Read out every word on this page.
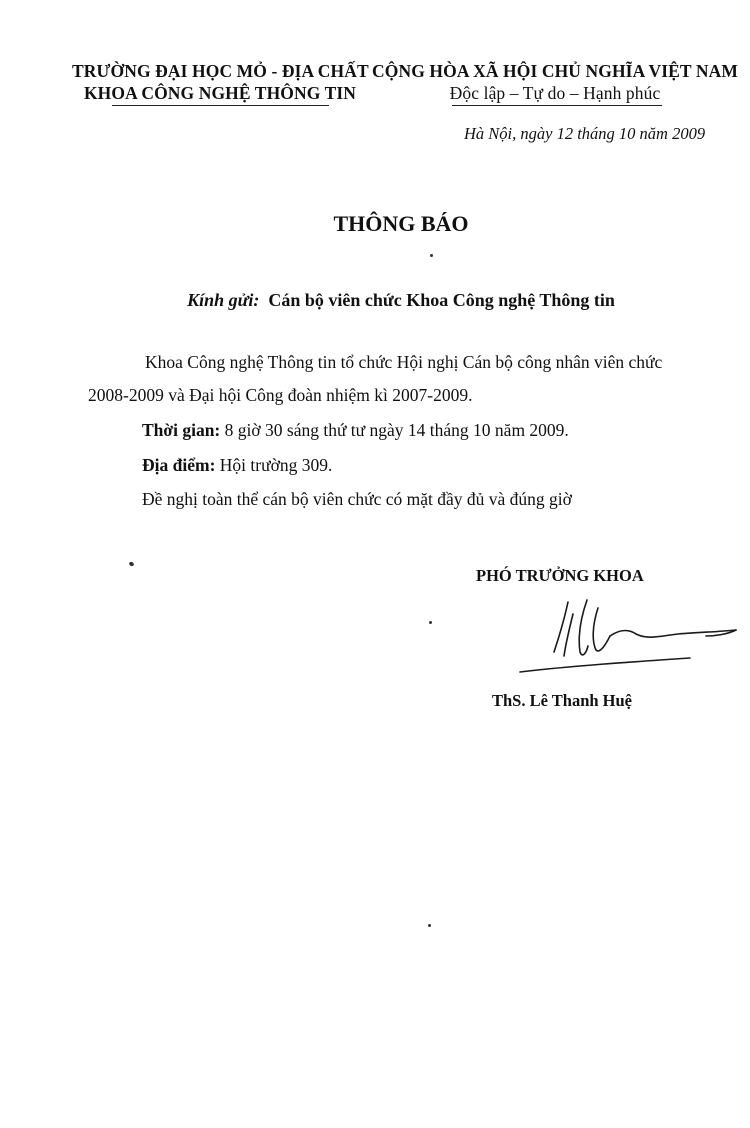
TRƯỜNG ĐẠI HỌC MỎ - ĐỊA CHẤT
KHOA CÔNG NGHỆ THÔNG TIN
CỘNG HÒA XÃ HỘI CHỦ NGHĨA VIỆT NAM
Độc lập – Tự do – Hạnh phúc
Hà Nội, ngày 12 tháng 10 năm 2009
THÔNG BÁO
Kính gửi: Cán bộ viên chức Khoa Công nghệ Thông tin
Khoa Công nghệ Thông tin tổ chức Hội nghị Cán bộ công nhân viên chức
2008-2009 và Đại hội Công đoàn nhiệm kì 2007-2009.
Thời gian: 8 giờ 30 sáng thứ tư ngày 14 tháng 10 năm 2009.
Địa điểm: Hội trường 309.
Đề nghị toàn thể cán bộ viên chức có mặt đầy đủ và đúng giờ
PHÓ TRƯỞNG KHOA
ThS. Lê Thanh Huệ
